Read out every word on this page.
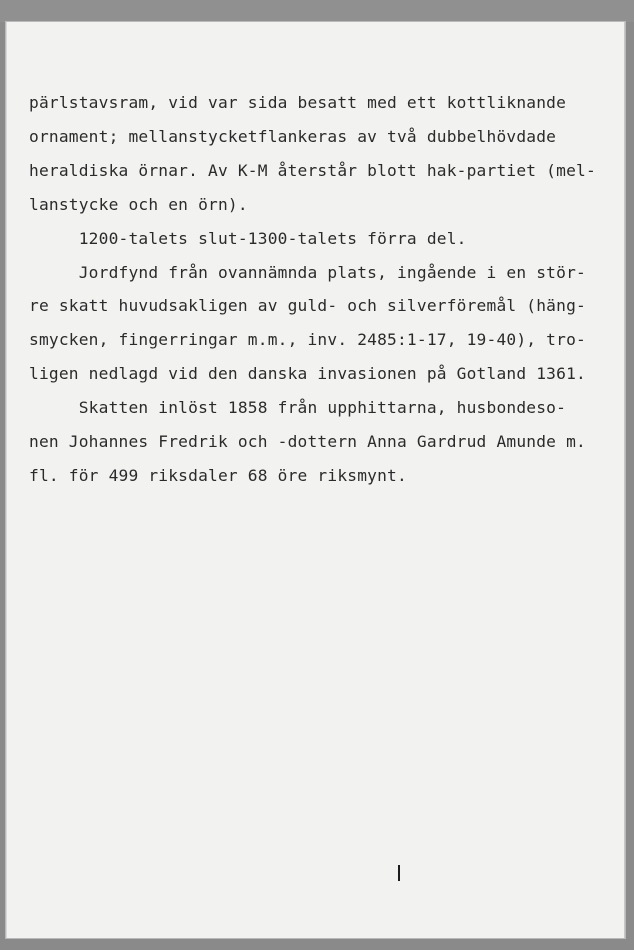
pärlstavsram, vid var sida besatt med ett kottliknande
ornament; mellanstycketflankeras av två dubbelhövdade
heraldiska örnar. Av K-M återstår blott hak-partiet (mel-
lanstycke och en örn).
1200-talets slut-1300-talets förra del.
Jordfynd från ovannämnda plats, ingående i en stör-
re skatt huvudsakligen av guld- och silverföremål (häng-
smycken, fingerringar m.m., inv. 2485:1-17, 19-40), tro-
ligen nedlagd vid den danska invasionen på Gotland 1361.
Skatten inlöst 1858 från upphittarna, husbondeso-
nen Johannes Fredrik och -dottern Anna Gardrud Amunde m.
fl. för 499 riksdaler 68 öre riksmynt.
